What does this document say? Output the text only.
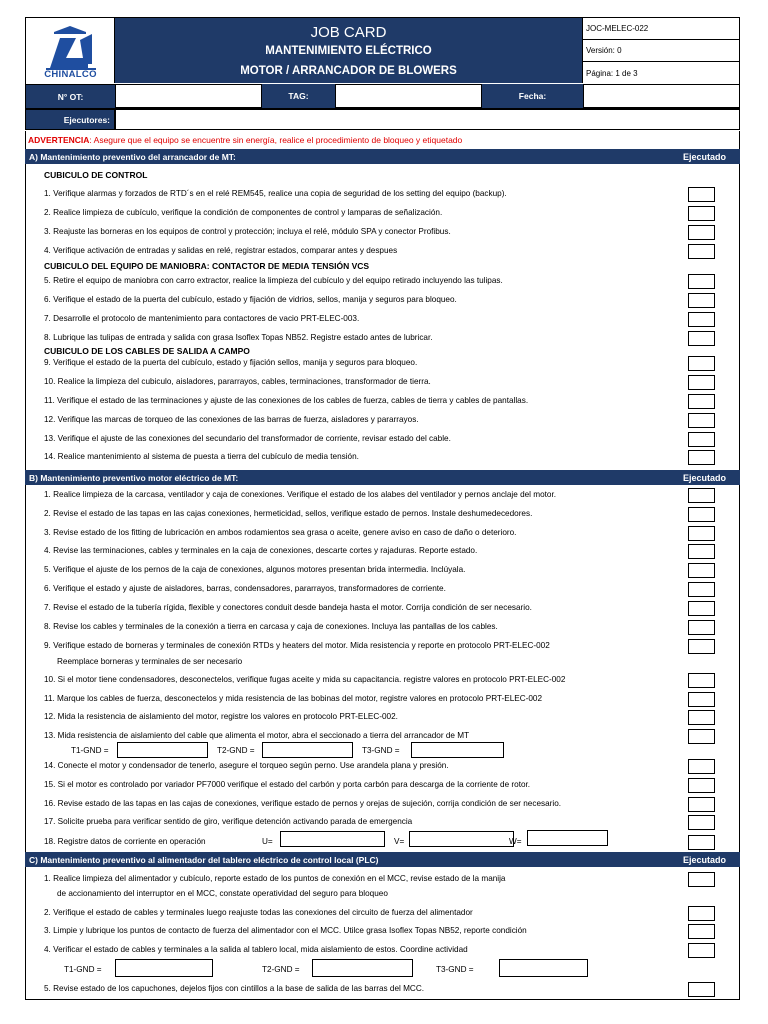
CHINALCO
JOB CARD
MANTENIMIENTO ELÉCTRICO
MOTOR / ARRANCADOR DE BLOWERS
JOC-MELEC-022
Versión: 0
Página: 1 de 3
N° OT:	TAG:	Fecha:
Ejecutores:
ADVERTENCIA : Asegure que el equipo se encuentre sin energía, realice el procedimiento de bloqueo y etiquetado
A) Mantenimiento preventivo del arrancador de MT:	Ejecutado
CUBICULO DE CONTROL
1. Verifique alarmas y forzados de RTD´s en el relé REM545, realice una copia de seguridad de los setting del equipo (backup).
2. Realice limpieza de cubículo, verifique la condición de componentes de control y lamparas de señalización.
3. Reajuste las borneras en los equipos de control y protección; incluya el relé, módulo SPA y conector Profibus.
4. Verifique activación de entradas y salidas en relé, registrar estados, comparar antes y despues
CUBICULO DEL EQUIPO DE MANIOBRA: CONTACTOR DE MEDIA TENSIÓN VCS
5. Retire el equipo de maniobra con carro extractor, realice la limpieza del cubículo y del equipo retirado incluyendo las tulipas.
6. Verifique el estado de la puerta del cubículo, estado y fijación de vidrios, sellos, manija y seguros para bloqueo.
7. Desarrolle el protocolo de mantenimiento para contactores de vacio PRT-ELEC-003.
8. Lubrique las tulipas de entrada y salida con grasa Isoflex Topas NB52. Registre estado antes de lubricar.
CUBICULO DE LOS CABLES DE SALIDA A CAMPO
9. Verifique el estado de la puerta del cubículo, estado y fijación sellos, manija y seguros para bloqueo.
10. Realice la limpieza del cubiculo, aisladores, pararrayos, cables, terminaciones, transformador de tierra.
11. Verifique el estado de las terminaciones y ajuste de las conexiones de los cables de fuerza, cables de tierra y cables de pantallas.
12. Verifique las marcas de torqueo de las conexiones de las barras de fuerza, aisladores y pararrayos.
13. Verifique el ajuste de las conexiones del secundario del transformador de corriente, revisar estado del cable.
14. Realice mantenimiento al sistema de puesta a tierra del cubículo de media tensión.
B) Mantenimiento preventivo motor eléctrico de MT:	Ejecutado
1. Realice limpieza de la carcasa, ventilador y caja de conexiones. Verifique el estado de los alabes del ventilador y pernos anclaje del motor.
2. Revise el estado de las tapas en las cajas conexiones, hermeticidad, sellos, verifique estado de pernos. Instale deshumedecedores.
3. Revise estado de los fitting de lubricación en ambos rodamientos sea grasa o aceite, genere aviso en caso de daño o deterioro.
4. Revise las terminaciones, cables y terminales en la caja de conexiones, descarte cortes y rajaduras. Reporte estado.
5. Verifique el ajuste de los pernos de la caja de conexiones, algunos motores presentan brida intermedia. Inclúyala.
6. Verifique el estado y ajuste de aisladores, barras, condensadores, pararrayos, transformadores de corriente.
7. Revise el estado de la tubería rígida, flexible y conectores conduit desde bandeja hasta el motor. Corrija condición de ser necesario.
8. Revise los cables y terminales de la conexión a tierra en carcasa y caja de conexiones. Incluya las pantallas de los cables.
9. Verifique estado de borneras y terminales de conexión RTDs y heaters del motor. Mida resistencia y reporte en protocolo PRT-ELEC-002
Reemplace borneras y terminales de ser necesario
10. Si el motor tiene condensadores, desconectelos, verifique fugas aceite y mida su capacitancia. registre valores en protocolo PRT-ELEC-002
11. Marque los cables de fuerza, desconectelos y mida resistencia de las bobinas del motor, registre valores en protocolo PRT-ELEC-002
12. Mida la resistencia de aislamiento del motor, registre los valores en protocolo PRT-ELEC-002.
13. Mida resistencia de aislamiento del cable que alimenta el motor, abra el seccionado a tierra del arrancador de MT
T1-GND =	T2-GND =	T3-GND =
14. Conecte el motor y condensador de tenerlo, asegure el torqueo según perno. Use arandela plana y presión.
15. Si el motor es controlado por variador PF7000 verifique el estado del carbón y porta carbón para descarga de la corriente de rotor.
16. Revise estado de las tapas en las cajas de conexiones, verifique estado de pernos y orejas de sujeción, corrija condición de ser necesario.
17. Solicite prueba para verificar sentido de giro, verifique detención activando parada de emergencia
18. Registre datos de corriente en operación	U=	V=	W=
C) Mantenimiento preventivo al alimentador del tablero eléctrico de control local (PLC)	Ejecutado
1. Realice limpieza del alimentador y cubículo, reporte estado de los puntos de conexión en el MCC, revise estado de la manija
de accionamiento del interruptor en el MCC, constate operatividad del seguro para bloqueo
2. Verifique el estado de cables y terminales luego reajuste todas las conexiones del circuito de fuerza del alimentador
3. Limpie y lubrique los puntos de contacto de fuerza del alimentador con el MCC. Utilce grasa Isoflex Topas NB52, reporte condición
4. Verificar el estado de cables y terminales a la salida al tablero local, mida aislamiento de estos. Coordine actividad
T1-GND =	T2-GND =	T3-GND =
5. Revise estado de los capuchones, dejelos fijos con cintillos a la base de salida de las barras del MCC.
